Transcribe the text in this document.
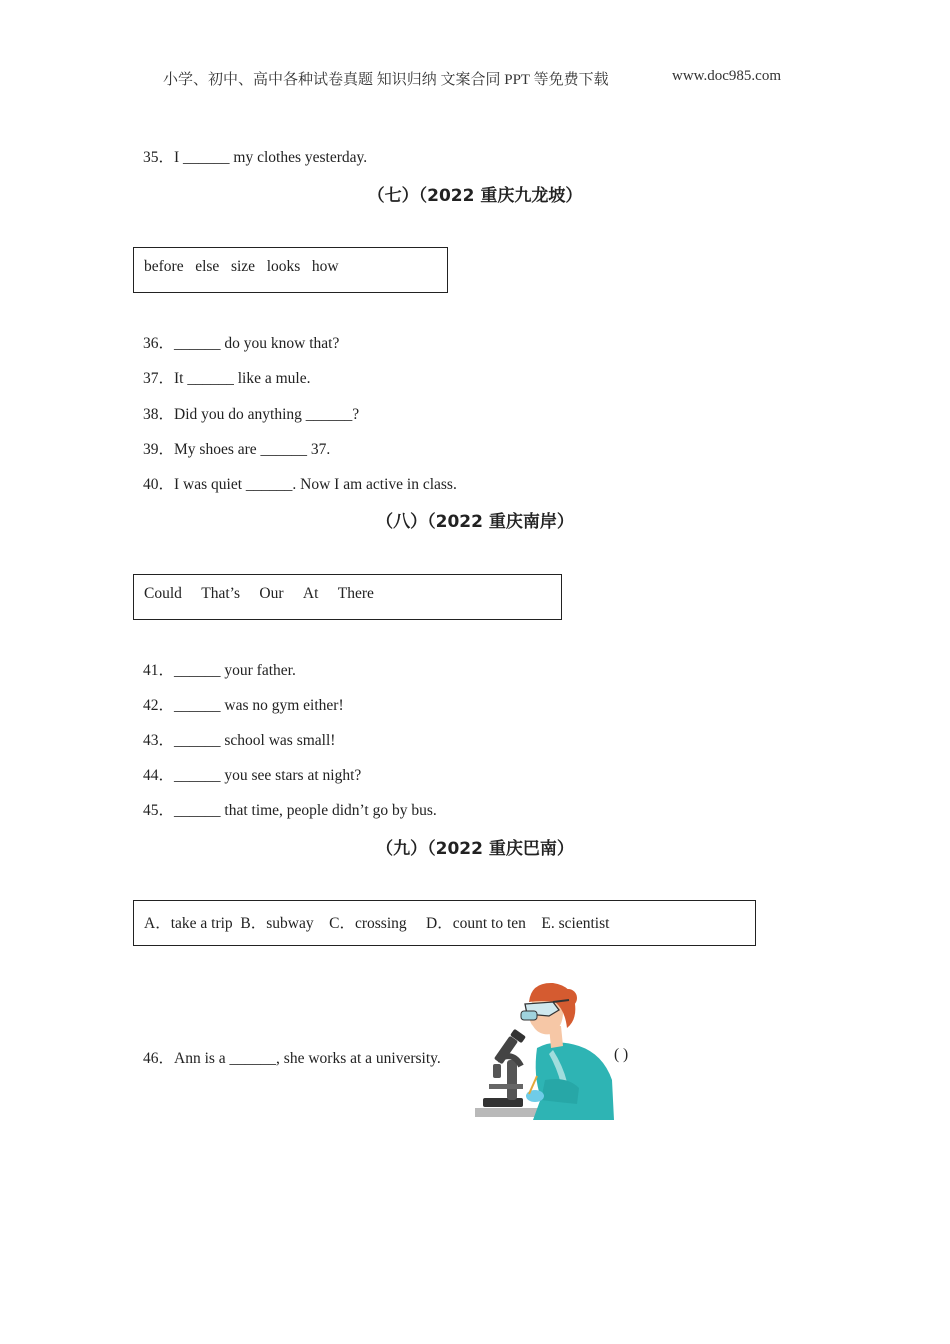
小学、初中、高中各种试卷真题 知识归纳 文案合同 PPT 等免费下载	www.doc985.com
35．I ______ my clothes yesterday.
（七）（2022 重庆九龙坡）
before else size looks how
36．______ do you know that?
37．It ______ like a mule.
38．Did you do anything ______?
39．My shoes are ______ 37.
40．I was quiet ______. Now I am active in class.
（八）（2022 重庆南岸）
Could That’s Our At There
41．______ your father.
42．______ was no gym either!
43．______ school was small!
44．______ you see stars at night?
45．______ that time, people didn’t go by bus.
（九）（2022 重庆巴南）
A．take a trip B．subway C．crossing D．count to ten E. scientist
46．Ann is a ______, she works at a university.	( )
